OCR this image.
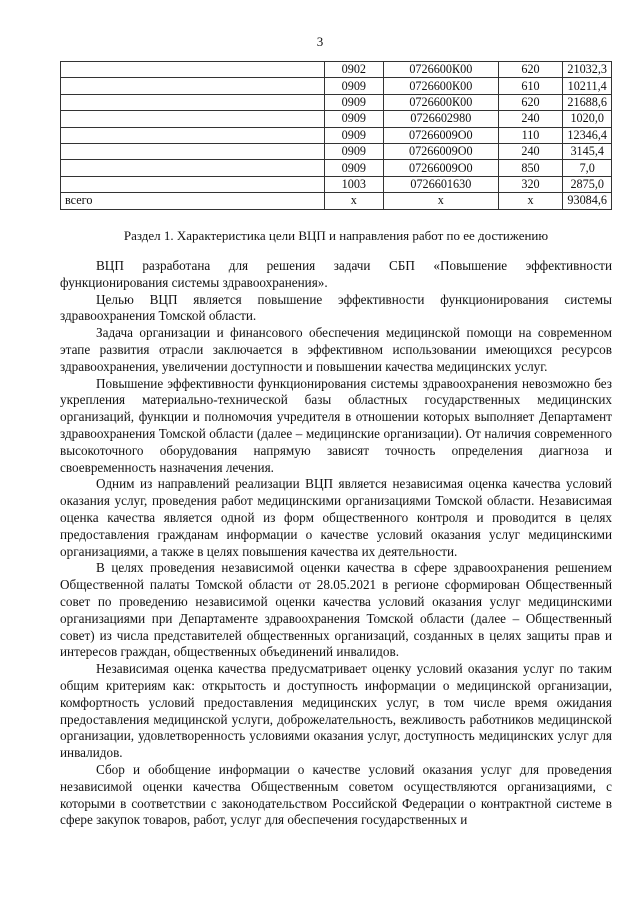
3
	0902	0726600К00	620	21032,3
	0909	0726600К00	610	10211,4
	0909	0726600К00	620	21688,6
	0909	0726602980	240	1020,0
	0909	07266009О0	110	12346,4
	0909	07266009О0	240	3145,4
	0909	07266009О0	850	7,0
	1003	0726601630	320	2875,0
всего	х	х	х	93084,6
Раздел 1. Характеристика цели ВЦП и направления работ по ее достижению

ВЦП разработана для решения задачи СБП «Повышение эффективности функционирования системы здравоохранения».

Целью ВЦП является повышение эффективности функционирования системы здравоохранения Томской области.

Задача организации и финансового обеспечения медицинской помощи на современном этапе развития отрасли заключается в эффективном использовании имеющихся ресурсов здравоохранения, увеличении доступности и повышении качества медицинских услуг.

Повышение эффективности функционирования системы здравоохранения невозможно без укрепления материально-технической базы областных государственных медицинских организаций, функции и полномочия учредителя в отношении которых выполняет Департамент здравоохранения Томской области (далее – медицинские организации). От наличия современного высокоточного оборудования напрямую зависят точность определения диагноза и своевременность назначения лечения.

Одним из направлений реализации ВЦП является независимая оценка качества условий оказания услуг, проведения работ медицинскими организациями Томской области. Независимая оценка качества является одной из форм общественного контроля и проводится в целях предоставления гражданам информации о качестве условий оказания услуг медицинскими организациями, а также в целях повышения качества их деятельности.

В целях проведения независимой оценки качества в сфере здравоохранения решением Общественной палаты Томской области от 28.05.2021 в регионе сформирован Общественный совет по проведению независимой оценки качества условий оказания услуг медицинскими организациями при Департаменте здравоохранения Томской области (далее – Общественный совет) из числа представителей общественных организаций, созданных в целях защиты прав и интересов граждан, общественных объединений инвалидов.

Независимая оценка качества предусматривает оценку условий оказания услуг по таким общим критериям как: открытость и доступность информации о медицинской организации, комфортность условий предоставления медицинских услуг, в том числе время ожидания предоставления медицинской услуги, доброжелательность, вежливость работников медицинской организации, удовлетворенность условиями оказания услуг, доступность медицинских услуг для инвалидов.

Сбор и обобщение информации о качестве условий оказания услуг для проведения независимой оценки качества Общественным советом осуществляются организациями, с которыми в соответствии с законодательством Российской Федерации о контрактной системе в сфере закупок товаров, работ, услуг для обеспечения государственных и
